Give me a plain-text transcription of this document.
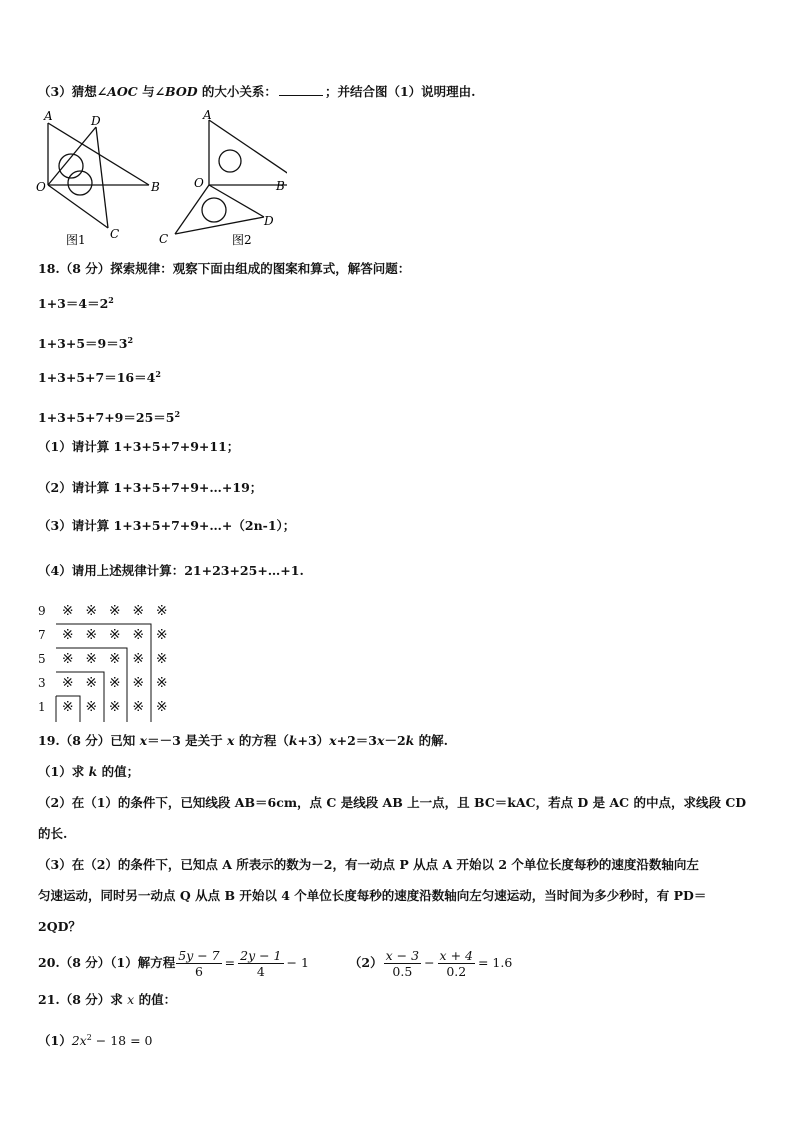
（3）猜想∠AOC 与∠BOD 的大小关系：	；并结合图（1）说明理由.
A	D
O	B
C
图1
A
O	B
C
D
图2
18.（8 分）探索规律：观察下面由组成的图案和算式，解答问题：
$1+3=4=2^2$
$1+3+5=9=3^2$
$1+3+5+7=16=4^2$
$1+3+5+7+9=25=5^2$
（1）请计算 1+3+5+7+9+11；
（2）请计算 1+3+5+7+9+…+19；
（3）请计算 1+3+5+7+9+…+（2n-1）；
（4）请用上述规律计算：21+23+25+…+1.
9	※ ※ ※ ※ ※
7	※ ※ ※ ※ ※
5	※ ※ ※ ※ ※
3	※ ※ ※ ※ ※
1	※ ※ ※ ※ ※
19.（8 分）已知 x＝－3 是关于 x 的方程（k+3）x+2＝3x－2k 的解.
（1）求 k 的值；
（2）在（1）的条件下，已知线段 AB＝6cm，点 C 是线段 AB 上一点，且 BC＝kAC，若点 D 是 AC 的中点，求线段 CD
的长.
（3）在（2）的条件下，已知点 A 所表示的数为－2，有一动点 P 从点 A 开始以 2 个单位长度每秒的速度沿数轴向左
匀速运动，同时另一动点 Q 从点 B 开始以 4 个单位长度每秒的速度沿数轴向左匀速运动，当时间为多少秒时，有 PD＝
2QD？
20.（8 分）（1）解方程 $\frac{5y - 7}{6} = \frac{2y - 1}{4} - 1$	$(2) \frac{x - 3}{0.5} - \frac{x + 4}{0.2} = 1.6$
21.（8 分）求 x 的值：
$(1)2x^2 - 18 = 0$
